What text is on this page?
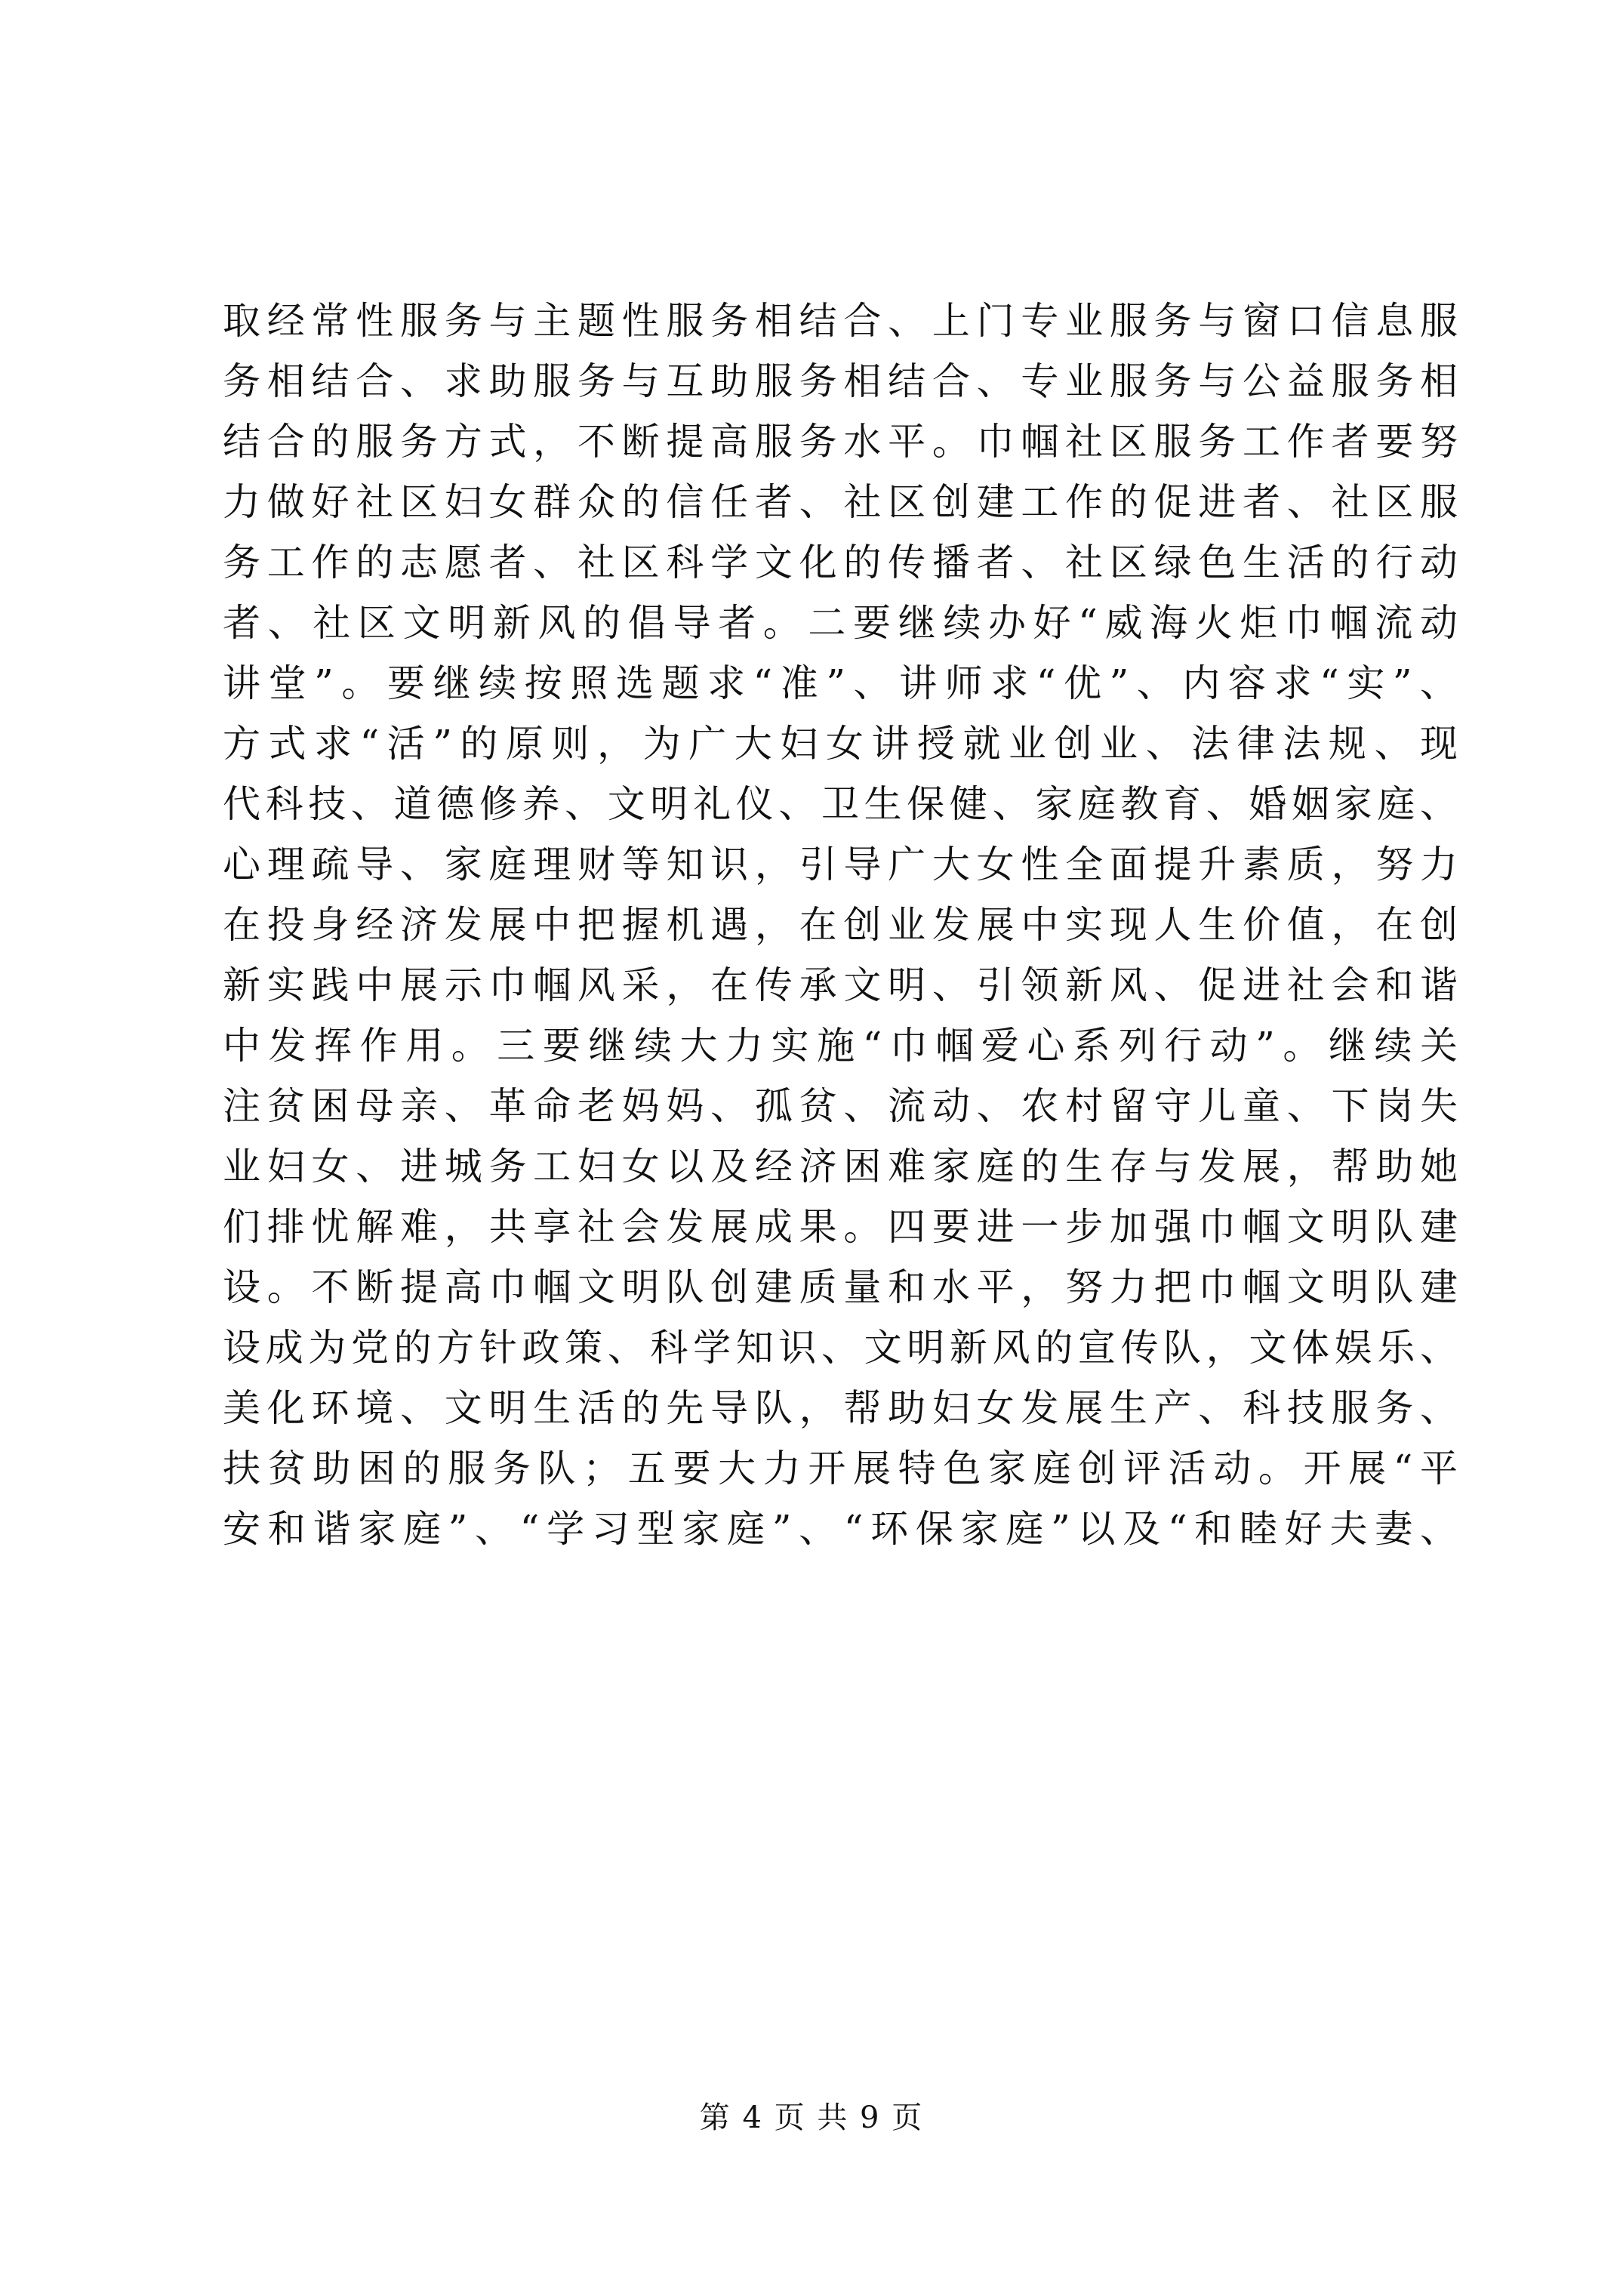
取经常性服务与主题性服务相结合、上门专业服务与窗口信息服
务相结合、求助服务与互助服务相结合、专业服务与公益服务相
结合的服务方式，不断提高服务水平。巾帼社区服务工作者要努
力做好社区妇女群众的信任者、社区创建工作的促进者、社区服
务工作的志愿者、社区科学文化的传播者、社区绿色生活的行动
者、社区文明新风的倡导者。二要继续办好“威海火炬巾帼流动
讲堂”。要继续按照选题求“准”、讲师求“优”、内容求“实”、
方式求“活”的原则，为广大妇女讲授就业创业、法律法规、现
代科技、道德修养、文明礼仪、卫生保健、家庭教育、婚姻家庭、
心理疏导、家庭理财等知识，引导广大女性全面提升素质，努力
在投身经济发展中把握机遇，在创业发展中实现人生价值，在创
新实践中展示巾帼风采，在传承文明、引领新风、促进社会和谐
中发挥作用。三要继续大力实施“巾帼爱心系列行动”。继续关
注贫困母亲、革命老妈妈、孤贫、流动、农村留守儿童、下岗失
业妇女、进城务工妇女以及经济困难家庭的生存与发展，帮助她
们排忧解难，共享社会发展成果。四要进一步加强巾帼文明队建
设。不断提高巾帼文明队创建质量和水平，努力把巾帼文明队建
设成为党的方针政策、科学知识、文明新风的宣传队，文体娱乐、
美化环境、文明生活的先导队，帮助妇女发展生产、科技服务、
扶贫助困的服务队；五要大力开展特色家庭创评活动。开展“平
安和谐家庭”、“学习型家庭”、“环保家庭”以及“和睦好夫妻、
第 4 页 共 9 页
